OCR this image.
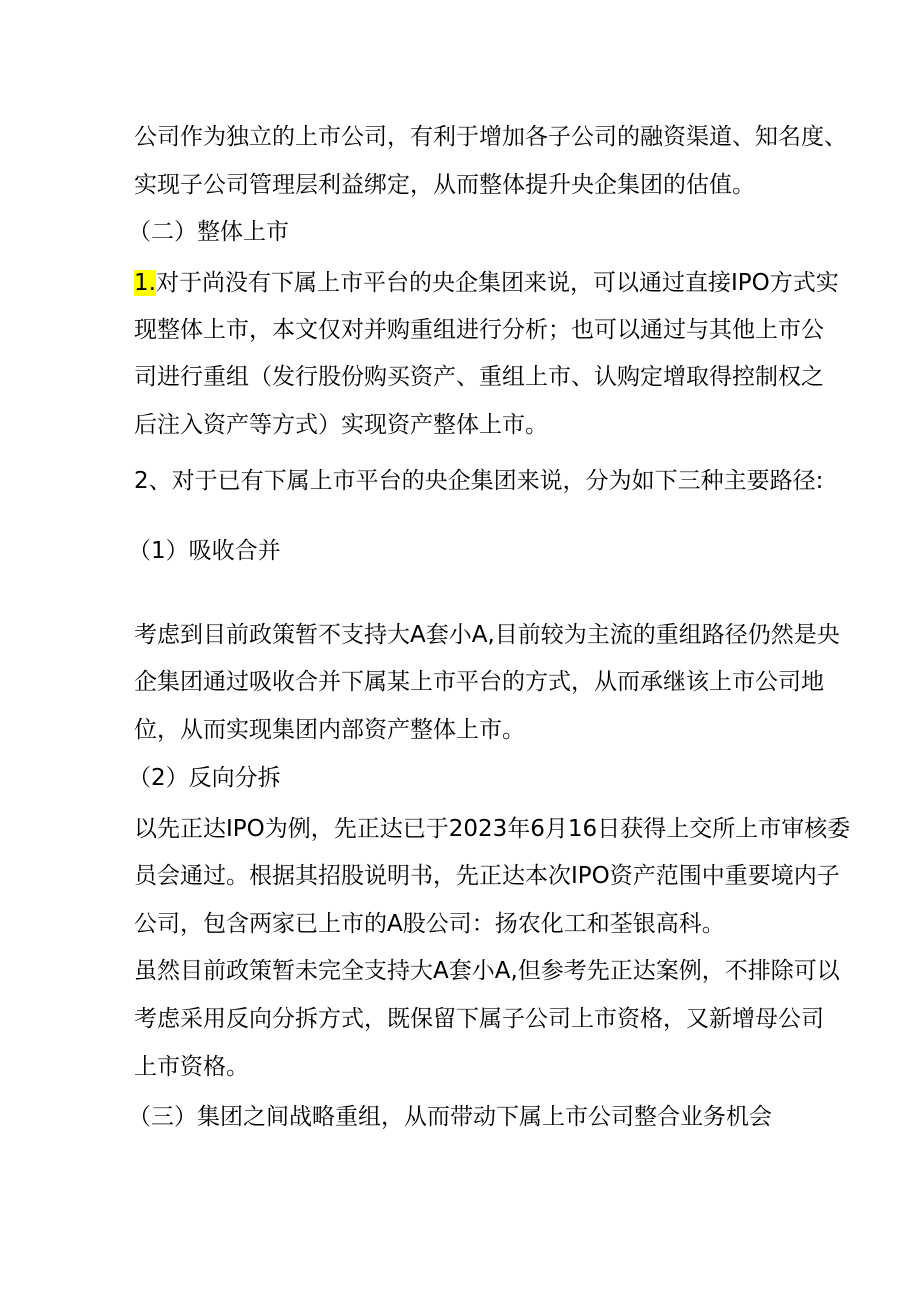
公司作为独立的上市公司，有利于增加各子公司的融资渠道、知名度、
实现子公司管理层利益绑定，从而整体提升央企集团的估值。
（二）整体上市
1.对于尚没有下属上市平台的央企集团来说，可以通过直接IPO方式实
现整体上市，本文仅对并购重组进行分析；也可以通过与其他上市公
司进行重组（发行股份购买资产、重组上市、认购定增取得控制权之
后注入资产等方式）实现资产整体上市。
2、对于已有下属上市平台的央企集团来说，分为如下三种主要路径:
（1）吸收合并
考虑到目前政策暂不支持大A套小A,目前较为主流的重组路径仍然是央
企集团通过吸收合并下属某上市平台的方式，从而承继该上市公司地
位，从而实现集团内部资产整体上市。
（2）反向分拆
以先正达IPO为例，先正达已于2023年6月16日获得上交所上市审核委
员会通过。根据其招股说明书，先正达本次IPO资产范围中重要境内子
公司，包含两家已上市的A股公司：扬农化工和荃银高科。
虽然目前政策暂未完全支持大A套小A,但参考先正达案例，不排除可以
考虑采用反向分拆方式，既保留下属子公司上市资格，又新增母公司
上市资格。
（三）集团之间战略重组，从而带动下属上市公司整合业务机会
